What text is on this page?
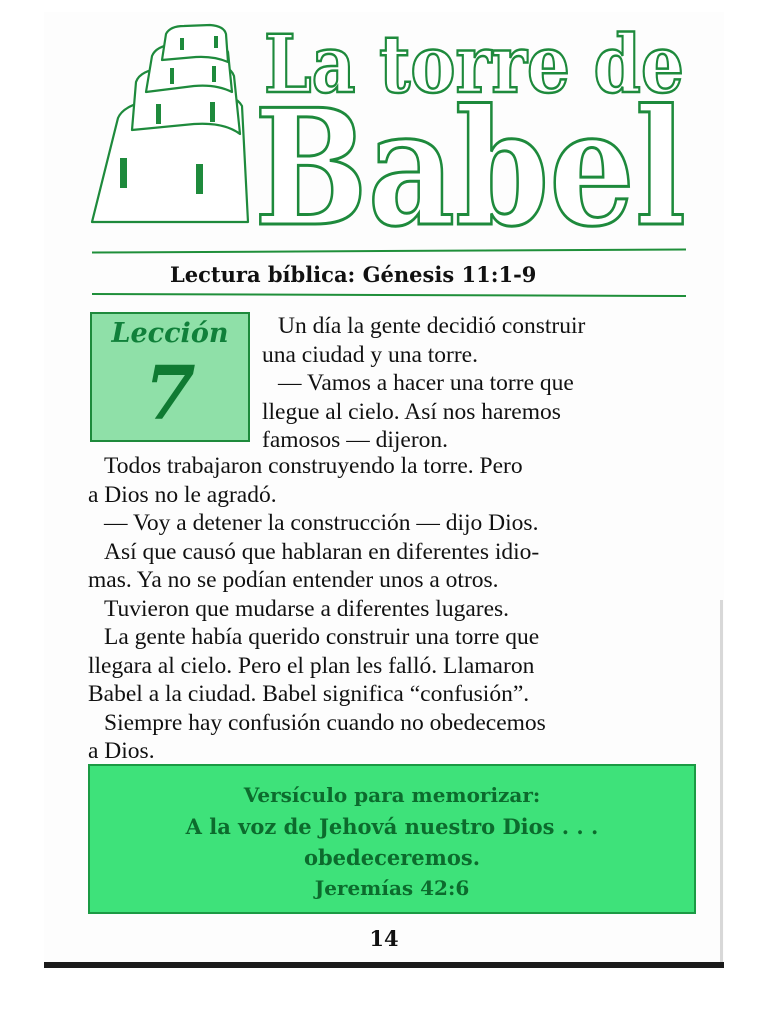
La torre de
Babel
Lectura bíblica: Génesis 11:1-9
Lección
7

Un día la gente decidió construir

una ciudad y una torre.

— Vamos a hacer una torre que

llegue al cielo. Así nos haremos

famosos — dijeron.

Todos trabajaron construyendo la torre. Pero

a Dios no le agradó.

— Voy a detener la construcción — dijo Dios.

Así que causó que hablaran en diferentes idio-

mas. Ya no se podían entender unos a otros.

Tuvieron que mudarse a diferentes lugares.

La gente había querido construir una torre que

llegara al cielo. Pero el plan les falló. Llamaron

Babel a la ciudad. Babel significa “confusión”.

Siempre hay confusión cuando no obedecemos

a Dios.

Versículo para memorizar:
A la voz de Jehová nuestro Dios . . .
obedeceremos.
Jeremías 42:6
14
